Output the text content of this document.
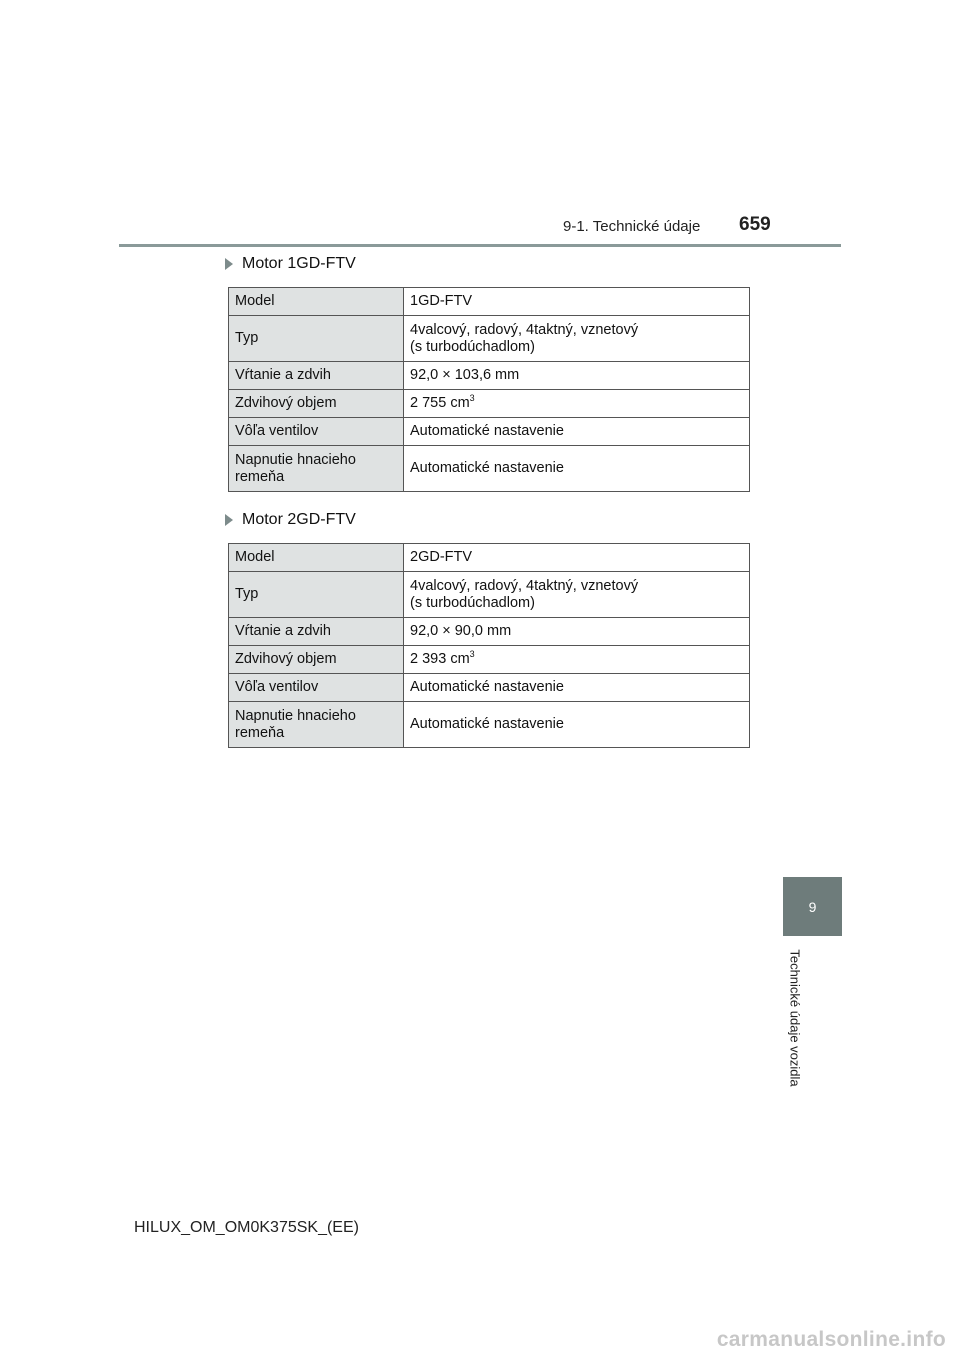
9-1. Technické údaje 659
Motor 1GD-FTV
Model	1GD-FTV
Typ	4valcový, radový, 4taktný, vznetový
(s turbodúchadlom)
Vŕtanie a zdvih	92,0 × 103,6 mm
Zdvihový objem	2 755 $cm^3$
Vôľa ventilov	Automatické nastavenie
Napnutie hnacieho
remeňa	Automatické nastavenie
Motor 2GD-FTV
Model	2GD-FTV
Typ	4valcový, radový, 4taktný, vznetový
(s turbodúchadlom)
Vŕtanie a zdvih	92,0 × 90,0 mm
Zdvihový objem	2 393 $cm^3$
Vôľa ventilov	Automatické nastavenie
Napnutie hnacieho
remeňa	Automatické nastavenie
9
Technické údaje vozidla
HILUX_OM_OM0K375SK_(EE)
carmanualsonline.info
